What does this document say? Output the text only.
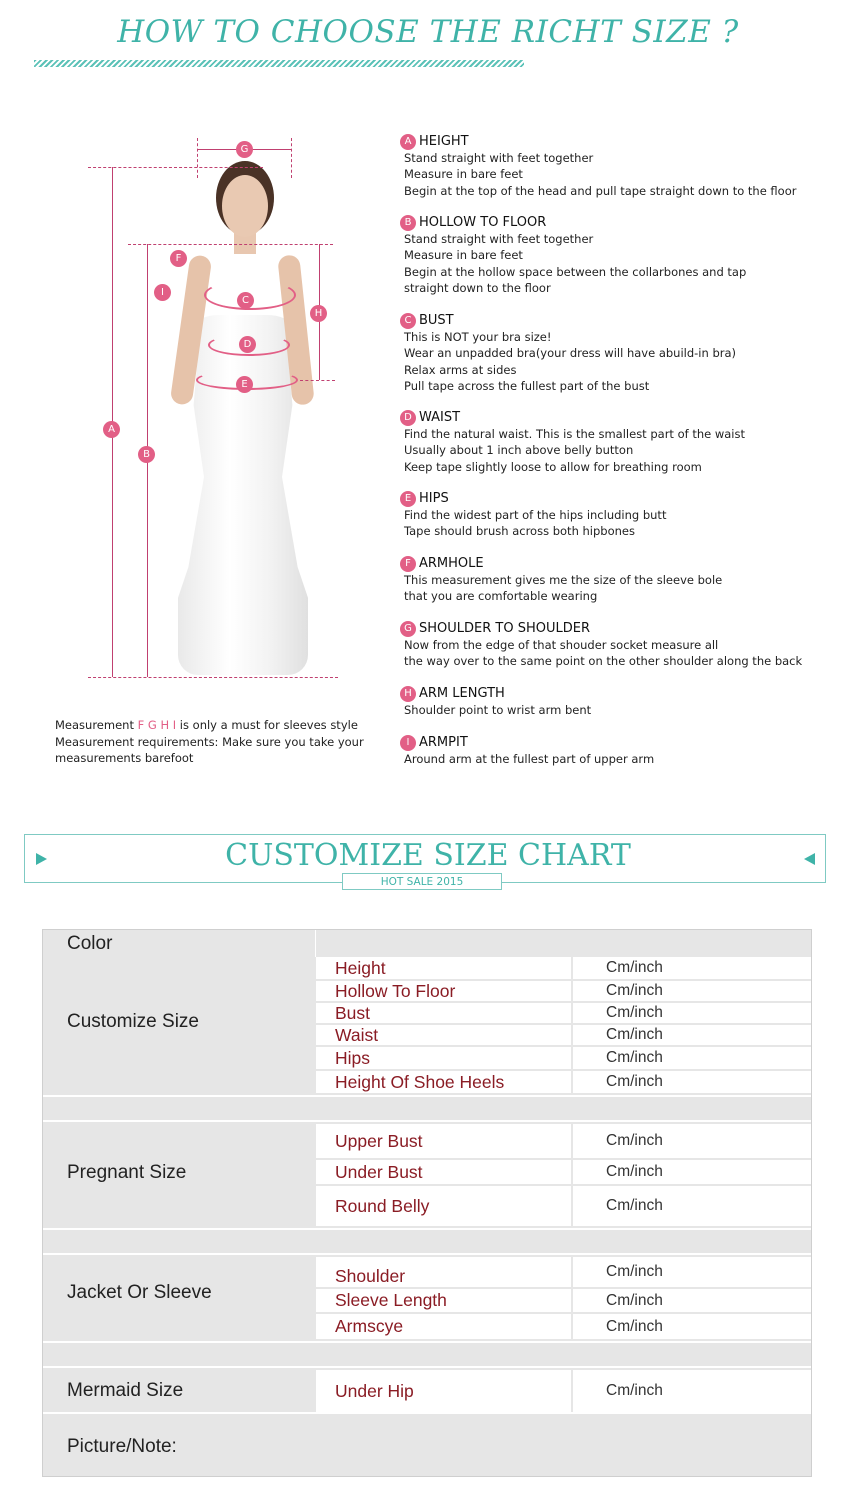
HOW TO CHOOSE THE RICHT SIZE ?
G
F
I
C
H
D
E
A
B
Measurement F G H I is only a must for sleeves style
Measurement requirements: Make sure you take your
measurements barefoot
A HEIGHT
Stand straight with feet together
Measure in bare feet
Begin at the top of the head and pull tape straight down to the floor
B HOLLOW TO FLOOR
Stand straight with feet together
Measure in bare feet
Begin at the hollow space between the collarbones and tap
straight down to the floor
C BUST
This is NOT your bra size!
Wear an unpadded bra(your dress will have abuild-in bra)
Relax arms at sides
Pull tape across the fullest part of the bust
D WAIST
Find the natural waist. This is the smallest part of the waist
Usually about 1 inch above belly button
Keep tape slightly loose to allow for breathing room
E HIPS
Find the widest part of the hips including butt
Tape should brush across both hipbones
F ARMHOLE
This measurement gives me the size of the sleeve bole
that you are comfortable wearing
G SHOULDER TO SHOULDER
Now from the edge of that shouder socket measure all
the way over to the same point on the other shoulder along the back
H ARM LENGTH
Shoulder point to wrist arm bent
I ARMPIT
Around arm at the fullest part of upper arm
CUSTOMIZE SIZE CHART
HOT SALE 2015
Color
Customize Size
Height	Cm/inch
Hollow To Floor	Cm/inch
Bust	Cm/inch
Waist	Cm/inch
Hips	Cm/inch
Height Of Shoe Heels	Cm/inch
Pregnant Size
Upper Bust	Cm/inch
Under Bust	Cm/inch
Round Belly	Cm/inch
Jacket Or Sleeve
Shoulder	Cm/inch
Sleeve Length	Cm/inch
Armscye	Cm/inch
Mermaid Size	Under Hip	Cm/inch
Picture/Note:
